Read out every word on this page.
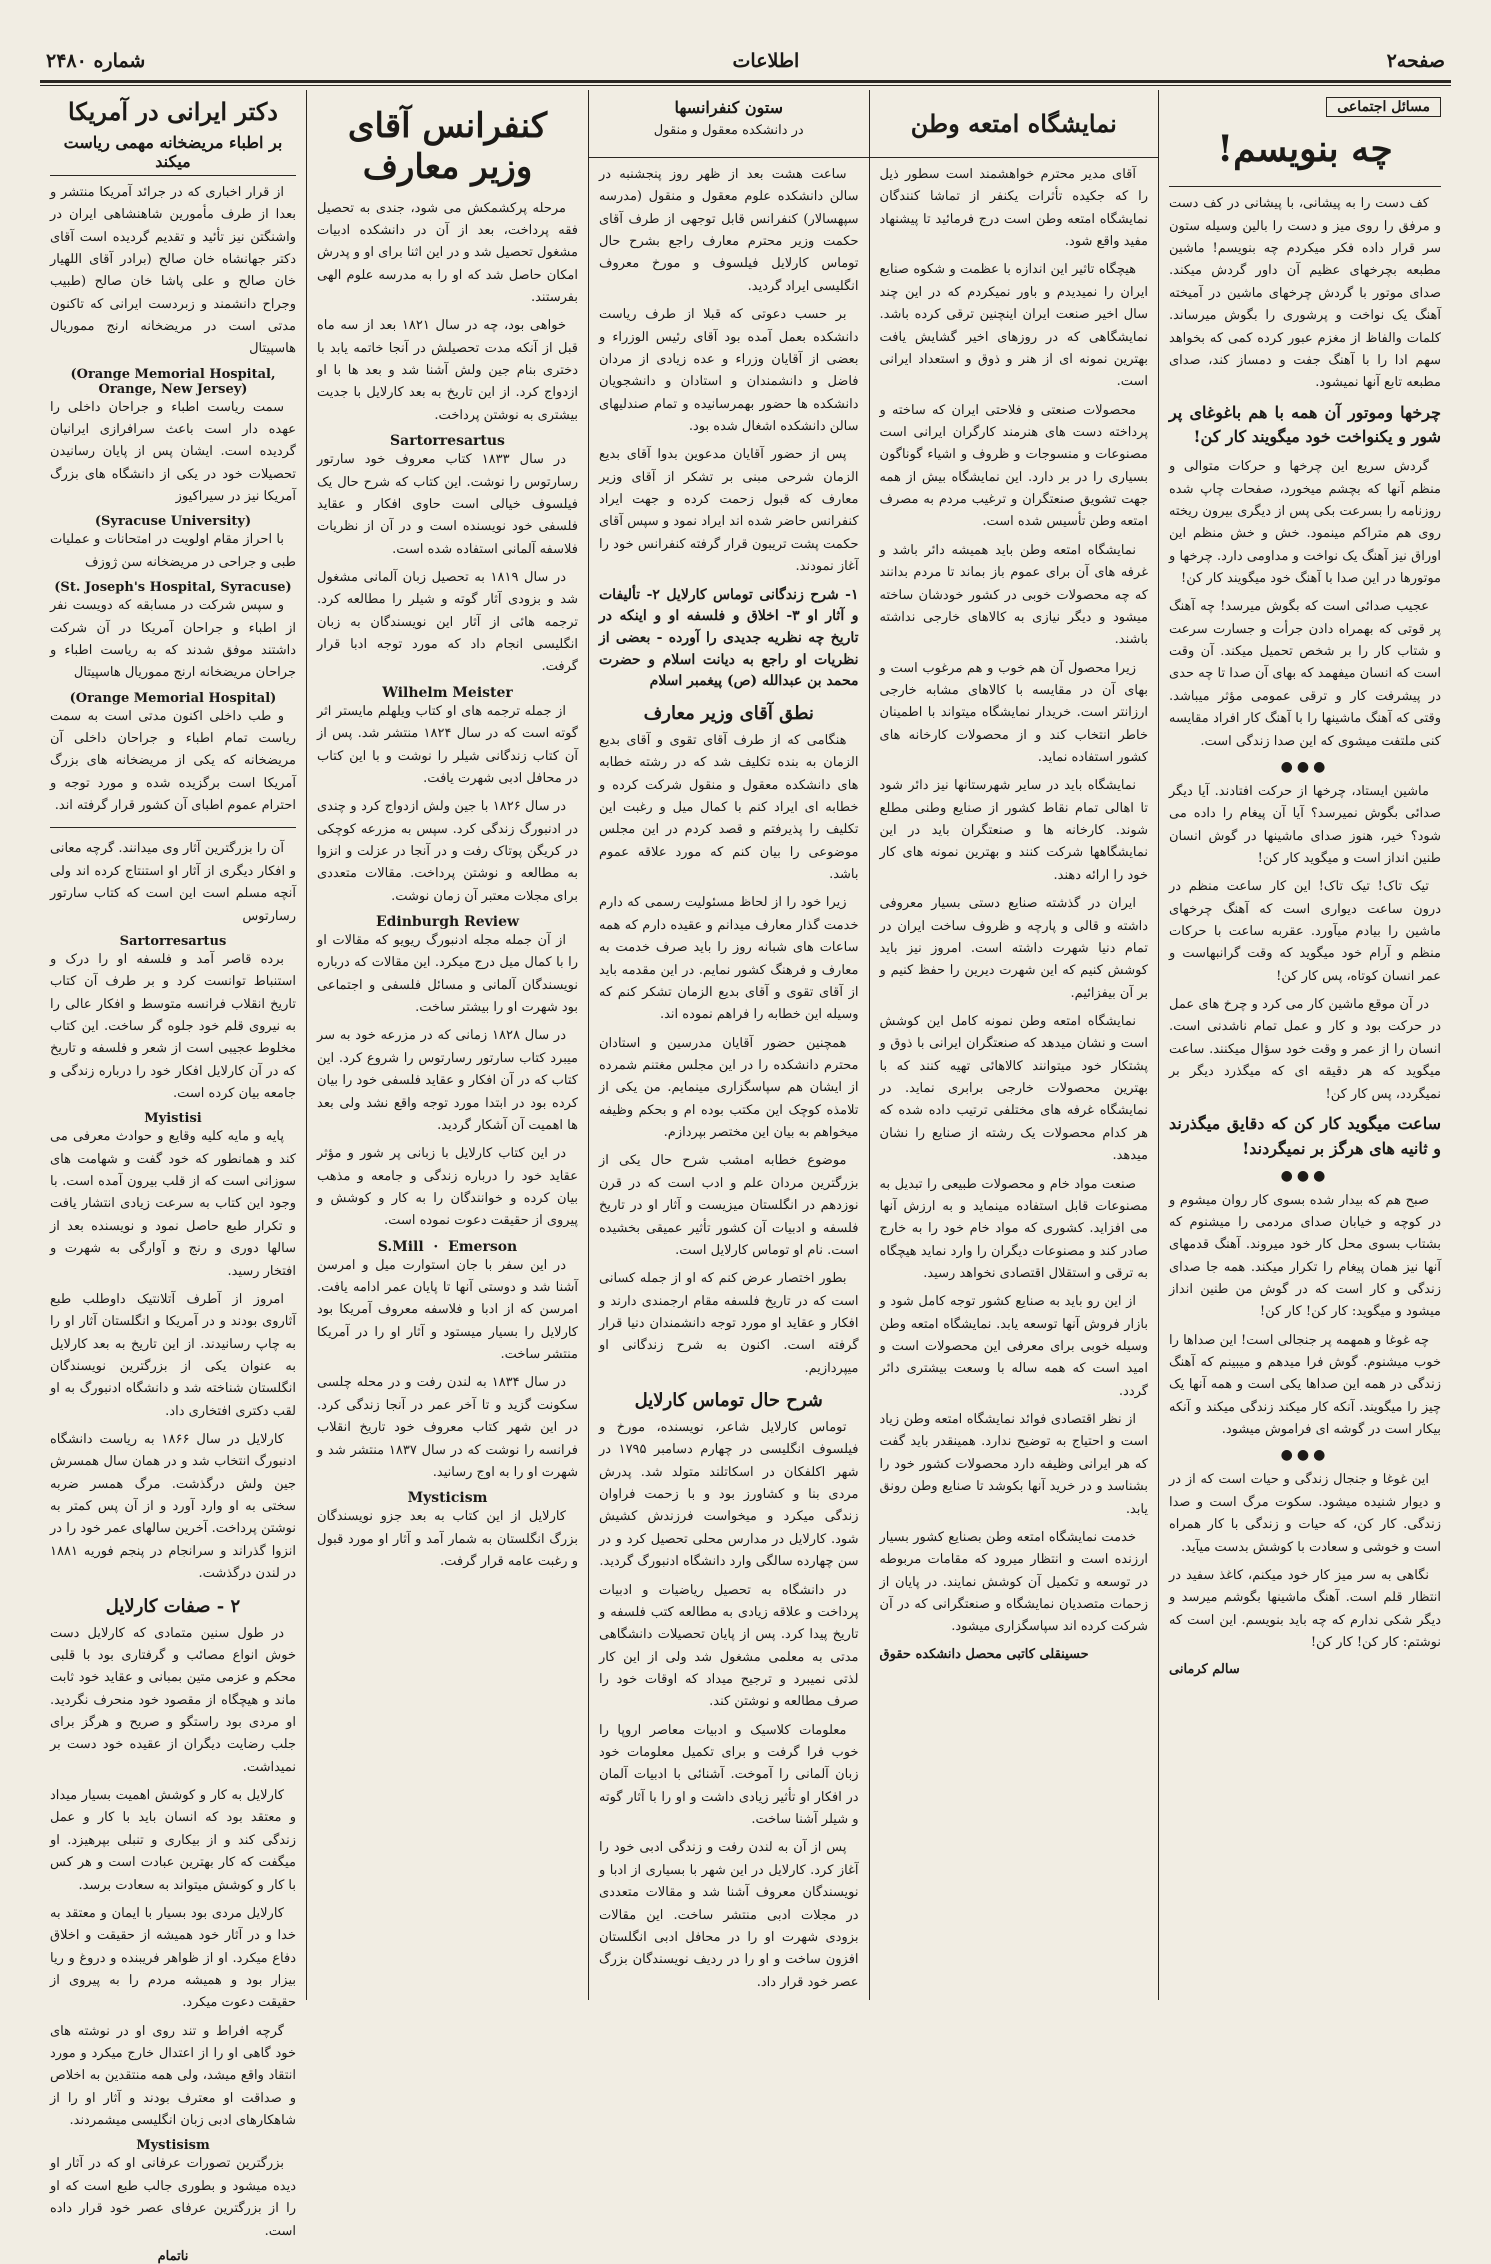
صفحه۲
اطلاعات
شماره ۲۴۸۰
مسائل اجتماعی
چه بنویسم!

کف دست را به پیشانی، با پیشانی در کف دست و مرفق را روی میز و دست را بالین وسیله ستون سر قرار داده فکر میکردم چه بنویسم! ماشین مطبعه بچرخهای عظیم آن داور گردش میکند. صدای موتور با گردش چرخهای ماشین در آمیخته آهنگ یک نواخت و پرشوری را بگوش میرساند. کلمات والفاظ از مغزم عبور کرده کمی که بخواهد سهم ادا را با آهنگ جفت و دمساز کند، صدای مطبعه تابع آنها نمیشود.

چرخها وموتور آن همه با هم باغوغای پر شور و یکنواخت خود میگویند کار کن!

گردش سریع این چرخها و حرکات متوالی و منظم آنها که بچشم میخورد، صفحات چاپ شده روزنامه را بسرعت بکی پس از دیگری بیرون ریخته روی هم متراکم مینمود. خش و خش منظم این اوراق نیز آهنگ یک نواخت و مداومی دارد. چرخها و موتورها در این صدا با آهنگ خود میگویند کار کن!

عجیب صدائی است که بگوش میرسد! چه آهنگ پر قوتی که بهمراه دادن جرأت و جسارت سرعت و شتاب کار را بر شخص تحمیل میکند. آن وقت است که انسان میفهمد که بهای آن صدا تا چه حدی در پیشرفت کار و ترقی عمومی مؤثر میباشد. وقتی که آهنگ ماشینها را با آهنگ کار افراد مقایسه کنی ملتفت میشوی که این صدا زندگی است.

●●●

ماشین ایستاد، چرخها از حرکت افتادند. آیا دیگر صدائی بگوش نمیرسد؟ آیا آن پیغام را داده می شود؟ خیر، هنوز صدای ماشینها در گوش انسان طنین انداز است و میگوید کار کن!

تیک تاک! تیک تاک! این کار ساعت منظم در درون ساعت دیواری است که آهنگ چرخهای ماشین را بیادم میآورد. عقربه ساعت با حرکات منظم و آرام خود میگوید که وقت گرانبهاست و عمر انسان کوتاه، پس کار کن!

در آن موقع ماشین کار می کرد و چرخ های عمل در حرکت بود و کار و عمل تمام ناشدنی است. انسان را از عمر و وقت خود سؤال میکنند. ساعت میگوید که هر دقیقه ای که میگذرد دیگر بر نمیگردد، پس کار کن!

ساعت میگوید کار کن که دقایق میگذرند و ثانیه های هرگز بر نمیگردند!
●●●

صبح هم که بیدار شده بسوی کار روان میشوم و در کوچه و خیابان صدای مردمی را میشنوم که بشتاب بسوی محل کار خود میروند. آهنگ قدمهای آنها نیز همان پیغام را تکرار میکند. همه جا صدای زندگی و کار است که در گوش من طنین انداز میشود و میگوید: کار کن! کار کن!

چه غوغا و همهمه پر جنجالی است! این صداها را خوب میشنوم. گوش فرا میدهم و میبینم که آهنگ زندگی در همه این صداها یکی است و همه آنها یک چیز را میگویند. آنکه کار میکند زندگی میکند و آنکه بیکار است در گوشه ای فراموش میشود.

●●●

این غوغا و جنجال زندگی و حیات است که از در و دیوار شنیده میشود. سکوت مرگ است و صدا زندگی. کار کن، که حیات و زندگی با کار همراه است و خوشی و سعادت با کوشش بدست میآید.

نگاهی به سر میز کار خود میکنم، کاغذ سفید در انتظار قلم است. آهنگ ماشینها بگوشم میرسد و دیگر شکی ندارم که چه باید بنویسم. این است که نوشتم: کار کن! کار کن!

سالم کرمانی
نمایشگاه امتعه وطن
ستون کنفرانسها
در دانشکده معقول و منقول

آقای مدیر محترم خواهشمند است سطور ذیل را که جکیده تأثرات یکنفر از تماشا کنندگان نمایشگاه امتعه وطن است درج فرمائید تا پیشنهاد مفید واقع شود.

هیچگاه تاثیر این اندازه با عظمت و شکوه صنایع ایران را نمیدیدم و باور نمیکردم که در این چند سال اخیر صنعت ایران اینچنین ترقی کرده باشد. نمایشگاهی که در روزهای اخیر گشایش یافت بهترین نمونه ای از هنر و ذوق و استعداد ایرانی است.

محصولات صنعتی و فلاحتی ایران که ساخته و پرداخته دست های هنرمند کارگران ایرانی است مصنوعات و منسوجات و ظروف و اشیاء گوناگون بسیاری را در بر دارد. این نمایشگاه بیش از همه جهت تشویق صنعتگران و ترغیب مردم به مصرف امتعه وطن تأسیس شده است.

نمایشگاه امتعه وطن باید همیشه دائر باشد و غرفه های آن برای عموم باز بماند تا مردم بدانند که چه محصولات خوبی در کشور خودشان ساخته میشود و دیگر نیازی به کالاهای خارجی نداشته باشند.

زیرا محصول آن هم خوب و هم مرغوب است و بهای آن در مقایسه با کالاهای مشابه خارجی ارزانتر است. خریدار نمایشگاه میتواند با اطمینان خاطر انتخاب کند و از محصولات کارخانه های کشور استفاده نماید.

نمایشگاه باید در سایر شهرستانها نیز دائر شود تا اهالی تمام نقاط کشور از صنایع وطنی مطلع شوند. کارخانه ها و صنعتگران باید در این نمایشگاهها شرکت کنند و بهترین نمونه های کار خود را ارائه دهند.

ایران در گذشته صنایع دستی بسیار معروفی داشته و قالی و پارچه و ظروف ساخت ایران در تمام دنیا شهرت داشته است. امروز نیز باید کوشش کنیم که این شهرت دیرین را حفظ کنیم و بر آن بیفزائیم.

نمایشگاه امتعه وطن نمونه کامل این کوشش است و نشان میدهد که صنعتگران ایرانی با ذوق و پشتکار خود میتوانند کالاهائی تهیه کنند که با بهترین محصولات خارجی برابری نماید. در نمایشگاه غرفه های مختلفی ترتیب داده شده که هر کدام محصولات یک رشته از صنایع را نشان میدهد.

صنعت مواد خام و محصولات طبیعی را تبدیل به مصنوعات قابل استفاده مینماید و به ارزش آنها می افزاید. کشوری که مواد خام خود را به خارج صادر کند و مصنوعات دیگران را وارد نماید هیچگاه به ترقی و استقلال اقتصادی نخواهد رسید.

از این رو باید به صنایع کشور توجه کامل شود و بازار فروش آنها توسعه یابد. نمایشگاه امتعه وطن وسیله خوبی برای معرفی این محصولات است و امید است که همه ساله با وسعت بیشتری دائر گردد.

از نظر اقتصادی فوائد نمایشگاه امتعه وطن زیاد است و احتیاج به توضیح ندارد. همینقدر باید گفت که هر ایرانی وظیفه دارد محصولات کشور خود را بشناسد و در خرید آنها بکوشد تا صنایع وطن رونق یابد.

خدمت نمایشگاه امتعه وطن بصنایع کشور بسیار ارزنده است و انتظار میرود که مقامات مربوطه در توسعه و تکمیل آن کوشش نمایند. در پایان از زحمات متصدیان نمایشگاه و صنعتگرانی که در آن شرکت کرده اند سپاسگزاری میشود.

حسینقلی کاتبی محصل دانشکده حقوق

ساعت هشت بعد از ظهر روز پنجشنبه در سالن دانشکده علوم معقول و منقول (مدرسه سپهسالار) کنفرانس قابل توجهی از طرف آقای حکمت وزیر محترم معارف راجع بشرح حال توماس کارلایل فیلسوف و مورخ معروف انگلیسی ایراد گردید.

بر حسب دعوتی که قبلا از طرف ریاست دانشکده بعمل آمده بود آقای رئیس الوزراء و بعضی از آقایان وزراء و عده زیادی از مردان فاضل و دانشمندان و استادان و دانشجویان دانشکده ها حضور بهمرسانیده و تمام صندلیهای سالن دانشکده اشغال شده بود.

پس از حضور آقایان مدعوین بدوا آقای بدیع الزمان شرحی مبنی بر تشکر از آقای وزیر معارف که قبول زحمت کرده و جهت ایراد کنفرانس حاضر شده اند ایراد نمود و سپس آقای حکمت پشت تریبون قرار گرفته کنفرانس خود را آغاز نمودند.

۱- شرح زندگانی توماس کارلایل ۲- تألیفات و آثار او ۳- اخلاق و فلسفه او و اینکه در تاریخ چه نظریه جدیدی را آورده - بعضی از نظریات او راجع به دیانت اسلام و حضرت محمد بن عبدالله (ص) پیغمبر اسلام
نطق آقای وزیر معارف

هنگامی که از طرف آقای تقوی و آقای بدیع الزمان به بنده تکلیف شد که در رشته خطابه های دانشکده معقول و منقول شرکت کرده و خطابه ای ایراد کنم با کمال میل و رغبت این تکلیف را پذیرفتم و قصد کردم در این مجلس موضوعی را بیان کنم که مورد علاقه عموم باشد.

زیرا خود را از لحاظ مسئولیت رسمی که دارم خدمت گذار معارف میدانم و عقیده دارم که همه ساعات های شبانه روز را باید صرف خدمت به معارف و فرهنگ کشور نمایم. در این مقدمه باید از آقای تقوی و آقای بدیع الزمان تشکر کنم که وسیله این خطابه را فراهم نموده اند.

همچنین حضور آقایان مدرسین و استادان محترم دانشکده را در این مجلس مغتنم شمرده از ایشان هم سپاسگزاری مینمایم. من یکی از تلامذه کوچک این مکتب بوده ام و بحکم وظیفه میخواهم به بیان این مختصر بپردازم.

موضوع خطابه امشب شرح حال یکی از بزرگترین مردان علم و ادب است که در قرن نوزدهم در انگلستان میزیست و آثار او در تاریخ فلسفه و ادبیات آن کشور تأثیر عمیقی بخشیده است. نام او توماس کارلایل است.

بطور اختصار عرض کنم که او از جمله کسانی است که در تاریخ فلسفه مقام ارجمندی دارند و افکار و عقاید او مورد توجه دانشمندان دنیا قرار گرفته است. اکنون به شرح زندگانی او میپردازیم.

شرح حال توماس کارلایل

توماس کارلایل شاعر، نویسنده، مورخ و فیلسوف انگلیسی در چهارم دسامبر ۱۷۹۵ در شهر اکلفکان در اسکاتلند متولد شد. پدرش مردی بنا و کشاورز بود و با زحمت فراوان زندگی میکرد و میخواست فرزندش کشیش شود. کارلایل در مدارس محلی تحصیل کرد و در سن چهارده سالگی وارد دانشگاه ادنبورگ گردید.

در دانشگاه به تحصیل ریاضیات و ادبیات پرداخت و علاقه زیادی به مطالعه کتب فلسفه و تاریخ پیدا کرد. پس از پایان تحصیلات دانشگاهی مدتی به معلمی مشغول شد ولی از این کار لذتی نمیبرد و ترجیح میداد که اوقات خود را صرف مطالعه و نوشتن کند.

معلومات کلاسیک و ادبیات معاصر اروپا را خوب فرا گرفت و برای تکمیل معلومات خود زبان آلمانی را آموخت. آشنائی با ادبیات آلمان در افکار او تأثیر زیادی داشت و او را با آثار گوته و شیلر آشنا ساخت.

پس از آن به لندن رفت و زندگی ادبی خود را آغاز کرد. کارلایل در این شهر با بسیاری از ادبا و نویسندگان معروف آشنا شد و مقالات متعددی در مجلات ادبی منتشر ساخت. این مقالات بزودی شهرت او را در محافل ادبی انگلستان افزون ساخت و او را در ردیف نویسندگان بزرگ عصر خود قرار داد.

کنفرانس آقای وزیر معارف

مرحله پرکشمکش می شود، جندی به تحصیل فقه پرداخت، بعد از آن در دانشکده ادبیات مشغول تحصیل شد و در این اثنا برای او و پدرش امکان حاصل شد که او را به مدرسه علوم الهی بفرستند.

خواهی بود، چه در سال ۱۸۲۱ بعد از سه ماه قبل از آنکه مدت تحصیلش در آنجا خاتمه یابد با دختری بنام جین ولش آشنا شد و بعد ها با او ازدواج کرد. از این تاریخ به بعد کارلایل با جدیت بیشتری به نوشتن پرداخت.

Sartorresartus

در سال ۱۸۳۳ کتاب معروف خود سارتور رسارتوس را نوشت. این کتاب که شرح حال یک فیلسوف خیالی است حاوی افکار و عقاید فلسفی خود نویسنده است و در آن از نظریات فلاسفه آلمانی استفاده شده است.

در سال ۱۸۱۹ به تحصیل زبان آلمانی مشغول شد و بزودی آثار گوته و شیلر را مطالعه کرد. ترجمه هائی از آثار این نویسندگان به زبان انگلیسی انجام داد که مورد توجه ادبا قرار گرفت.

Wilhelm Meister

از جمله ترجمه های او کتاب ویلهلم مایستر اثر گوته است که در سال ۱۸۲۴ منتشر شد. پس از آن کتاب زندگانی شیلر را نوشت و با این کتاب در محافل ادبی شهرت یافت.

در سال ۱۸۲۶ با جین ولش ازدواج کرد و چندی در ادنبورگ زندگی کرد. سپس به مزرعه کوچکی در کریگن پوتاک رفت و در آنجا در عزلت و انزوا به مطالعه و نوشتن پرداخت. مقالات متعددی برای مجلات معتبر آن زمان نوشت.

Edinburgh Review

از آن جمله مجله ادنبورگ ریویو که مقالات او را با کمال میل درج میکرد. این مقالات که درباره نویسندگان آلمانی و مسائل فلسفی و اجتماعی بود شهرت او را بیشتر ساخت.

در سال ۱۸۲۸ زمانی که در مزرعه خود به سر میبرد کتاب سارتور رسارتوس را شروع کرد. این کتاب که در آن افکار و عقاید فلسفی خود را بیان کرده بود در ابتدا مورد توجه واقع نشد ولی بعد ها اهمیت آن آشکار گردید.

در این کتاب کارلایل با زبانی پر شور و مؤثر عقاید خود را درباره زندگی و جامعه و مذهب بیان کرده و خوانندگان را به کار و کوشش و پیروی از حقیقت دعوت نموده است.

S.Mill  ·  Emerson

در این سفر با جان استوارت میل و امرسن آشنا شد و دوستی آنها تا پایان عمر ادامه یافت. امرسن که از ادبا و فلاسفه معروف آمریکا بود کارلایل را بسیار میستود و آثار او را در آمریکا منتشر ساخت.

در سال ۱۸۳۴ به لندن رفت و در محله چلسی سکونت گزید و تا آخر عمر در آنجا زندگی کرد. در این شهر کتاب معروف خود تاریخ انقلاب فرانسه را نوشت که در سال ۱۸۳۷ منتشر شد و شهرت او را به اوج رسانید.

Mysticism

کارلایل از این کتاب به بعد جزو نویسندگان بزرگ انگلستان به شمار آمد و آثار او مورد قبول و رغبت عامه قرار گرفت.

دکتر ایرانی در آمریکا
بر اطباء مریضخانه مهمی ریاست میکند

از قرار اخباری که در جرائد آمریکا منتشر و بعدا از طرف مأمورین شاهنشاهی ایران در واشنگتن نیز تأئید و تقدیم گردیده است آقای دکتر جهانشاه خان صالح (برادر آقای اللهیار خان صالح و علی پاشا خان صالح (طبیب وجراح دانشمند و زبردست ایرانی که تاکنون مدتی است در مریضخانه ارنج مموریال هاسپیتال

(Orange Memorial Hospital, Orange, New Jersey)

سمت ریاست اطباء و جراحان داخلی را عهده دار است باعث سرافرازی ایرانیان گردیده است. ایشان پس از پایان رسانیدن تحصیلات خود در یکی از دانشگاه های بزرگ آمریکا نیز در سیراکیوز

(Syracuse University)

با احراز مقام اولویت در امتحانات و عملیات طبی و جراحی در مریضخانه سن ژوزف

(St. Joseph's Hospital, Syracuse)

و سپس شرکت در مسابقه که دویست نفر از اطباء و جراحان آمریکا در آن شرکت داشتند موفق شدند که به ریاست اطباء و جراحان مریضخانه ارنج مموریال هاسپیتال

(Orange Memorial Hospital)

و طب داخلی اکنون مدتی است به سمت ریاست تمام اطباء و جراحان داخلی آن مریضخانه که یکی از مریضخانه های بزرگ آمریکا است برگزیده شده و مورد توجه و احترام عموم اطبای آن کشور قرار گرفته اند.

آن را بزرگترین آثار وی میدانند. گرچه معانی و افکار دیگری از آثار او استنتاج کرده اند ولی آنچه مسلم است این است که کتاب سارتور رسارتوس

Sartorresartus

برده قاصر آمد و فلسفه او را درک و استنباط توانست کرد و بر طرف آن کتاب تاریخ انقلاب فرانسه متوسط و افکار عالی را به نیروی قلم خود جلوه گر ساخت. این کتاب مخلوط عجیبی است از شعر و فلسفه و تاریخ که در آن کارلایل افکار خود را درباره زندگی و جامعه بیان کرده است.

Myistisi

پایه و مایه کلیه وقایع و حوادث معرفی می کند و همانطور که خود گفت و شهامت های سوزانی است که از قلب بیرون آمده است. با وجود این کتاب به سرعت زیادی انتشار یافت و تکرار طبع حاصل نمود و نویسنده بعد از سالها دوری و رنج و آوارگی به شهرت و افتخار رسید.

امروز از آطرف آتلانتیک داوطلب طبع آثاروی بودند و در آمریکا و انگلستان آثار او را به چاپ رسانیدند. از این تاریخ به بعد کارلایل به عنوان یکی از بزرگترین نویسندگان انگلستان شناخته شد و دانشگاه ادنبورگ به او لقب دکتری افتخاری داد.

کارلایل در سال ۱۸۶۶ به ریاست دانشگاه ادنبورگ انتخاب شد و در همان سال همسرش جین ولش درگذشت. مرگ همسر ضربه سختی به او وارد آورد و از آن پس کمتر به نوشتن پرداخت. آخرین سالهای عمر خود را در انزوا گذراند و سرانجام در پنجم فوریه ۱۸۸۱ در لندن درگذشت.

۲ - صفات کارلایل

در طول سنین متمادی که کارلایل دست خوش انواع مصائب و گرفتاری بود با قلبی محکم و عزمی متین بمبانی و عقاید خود ثابت ماند و هیچگاه از مقصود خود منحرف نگردید. او مردی بود راستگو و صریح و هرگز برای جلب رضایت دیگران از عقیده خود دست بر نمیداشت.

کارلایل به کار و کوشش اهمیت بسیار میداد و معتقد بود که انسان باید با کار و عمل زندگی کند و از بیکاری و تنبلی بپرهیزد. او میگفت که کار بهترین عبادت است و هر کس با کار و کوشش میتواند به سعادت برسد.

کارلایل مردی بود بسیار با ایمان و معتقد به خدا و در آثار خود همیشه از حقیقت و اخلاق دفاع میکرد. او از ظواهر فریبنده و دروغ و ریا بیزار بود و همیشه مردم را به پیروی از حقیقت دعوت میکرد.

گرچه افراط و تند روی او در نوشته های خود گاهی او را از اعتدال خارج میکرد و مورد انتقاد واقع میشد، ولی همه منتقدین به اخلاص و صداقت او معترف بودند و آثار او را از شاهکارهای ادبی زبان انگلیسی میشمردند.

Mystisism

بزرگترین تصورات عرفانی او که در آثار او دیده میشود و بطوری جالب طبع است که او را از بزرگترین عرفای عصر خود قرار داده است.

ناتمام
